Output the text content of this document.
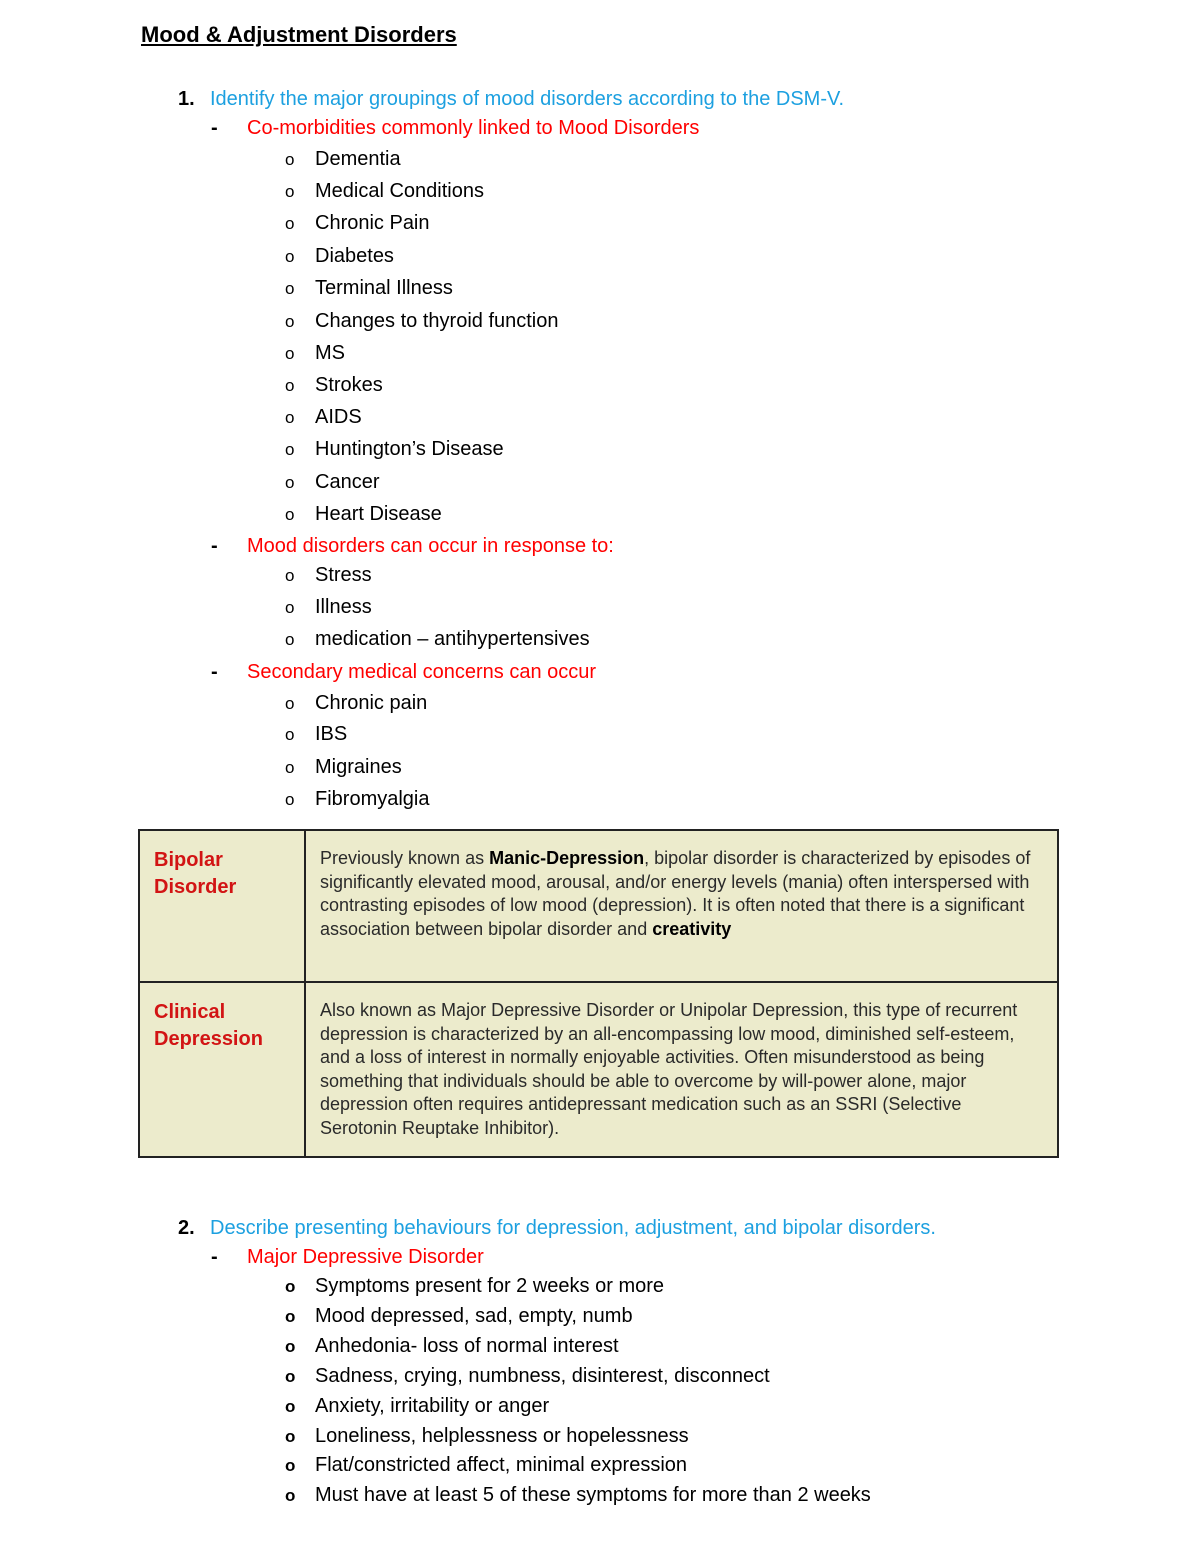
Mood & Adjustment Disorders
1. Identify the major groupings of mood disorders according to the DSM-V.
- Co-morbidities commonly linked to Mood Disorders
o Dementia
o Medical Conditions
o Chronic Pain
o Diabetes
o Terminal Illness
o Changes to thyroid function
o MS
o Strokes
o AIDS
o Huntington’s Disease
o Cancer
o Heart Disease
- Mood disorders can occur in response to:
o Stress
o Illness
o medication – antihypertensives
- Secondary medical concerns can occur
o Chronic pain
o IBS
o Migraines
o Fibromyalgia
Bipolar Disorder	Previously known as Manic-Depression, bipolar disorder is characterized by episodes of significantly elevated mood, arousal, and/or energy levels (mania) often interspersed with contrasting episodes of low mood (depression). It is often noted that there is a significant association between bipolar disorder and creativity
Clinical Depression	Also known as Major Depressive Disorder or Unipolar Depression, this type of recurrent depression is characterized by an all-encompassing low mood, diminished self-esteem, and a loss of interest in normally enjoyable activities. Often misunderstood as being something that individuals should be able to overcome by will-power alone, major depression often requires antidepressant medication such as an SSRI (Selective Serotonin Reuptake Inhibitor).
2. Describe presenting behaviours for depression, adjustment, and bipolar disorders.
- Major Depressive Disorder
o Symptoms present for 2 weeks or more
o Mood depressed, sad, empty, numb
o Anhedonia- loss of normal interest
o Sadness, crying, numbness, disinterest, disconnect
o Anxiety, irritability or anger
o Loneliness, helplessness or hopelessness
o Flat/constricted affect, minimal expression
o Must have at least 5 of these symptoms for more than 2 weeks
